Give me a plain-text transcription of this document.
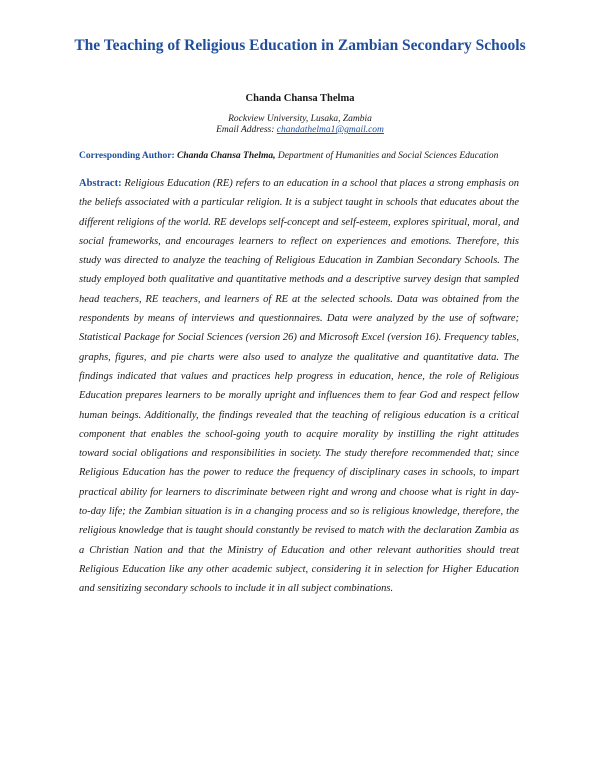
The Teaching of Religious Education in Zambian Secondary Schools
Chanda Chansa Thelma
Rockview University, Lusaka, Zambia
Email Address: chandathelma1@gmail.com
Corresponding Author: Chanda Chansa Thelma, Department of Humanities and Social Sciences Education
Abstract: Religious Education (RE) refers to an education in a school that places a strong emphasis on the beliefs associated with a particular religion. It is a subject taught in schools that educates about the different religions of the world. RE develops self-concept and self-esteem, explores spiritual, moral, and social frameworks, and encourages learners to reflect on experiences and emotions. Therefore, this study was directed to analyze the teaching of Religious Education in Zambian Secondary Schools. The study employed both qualitative and quantitative methods and a descriptive survey design that sampled head teachers, RE teachers, and learners of RE at the selected schools. Data was obtained from the respondents by means of interviews and questionnaires. Data were analyzed by the use of software; Statistical Package for Social Sciences (version 26) and Microsoft Excel (version 16). Frequency tables, graphs, figures, and pie charts were also used to analyze the qualitative and quantitative data. The findings indicated that values and practices help progress in education, hence, the role of Religious Education prepares learners to be morally upright and influences them to fear God and respect fellow human beings. Additionally, the findings revealed that the teaching of religious education is a critical component that enables the school-going youth to acquire morality by instilling the right attitudes toward social obligations and responsibilities in society. The study therefore recommended that; since Religious Education has the power to reduce the frequency of disciplinary cases in schools, to impart practical ability for learners to discriminate between right and wrong and choose what is right in day-to-day life; the Zambian situation is in a changing process and so is religious knowledge, therefore, the religious knowledge that is taught should constantly be revised to match with the declaration Zambia as a Christian Nation and that the Ministry of Education and other relevant authorities should treat Religious Education like any other academic subject, considering it in selection for Higher Education and sensitizing secondary schools to include it in all subject combinations.
